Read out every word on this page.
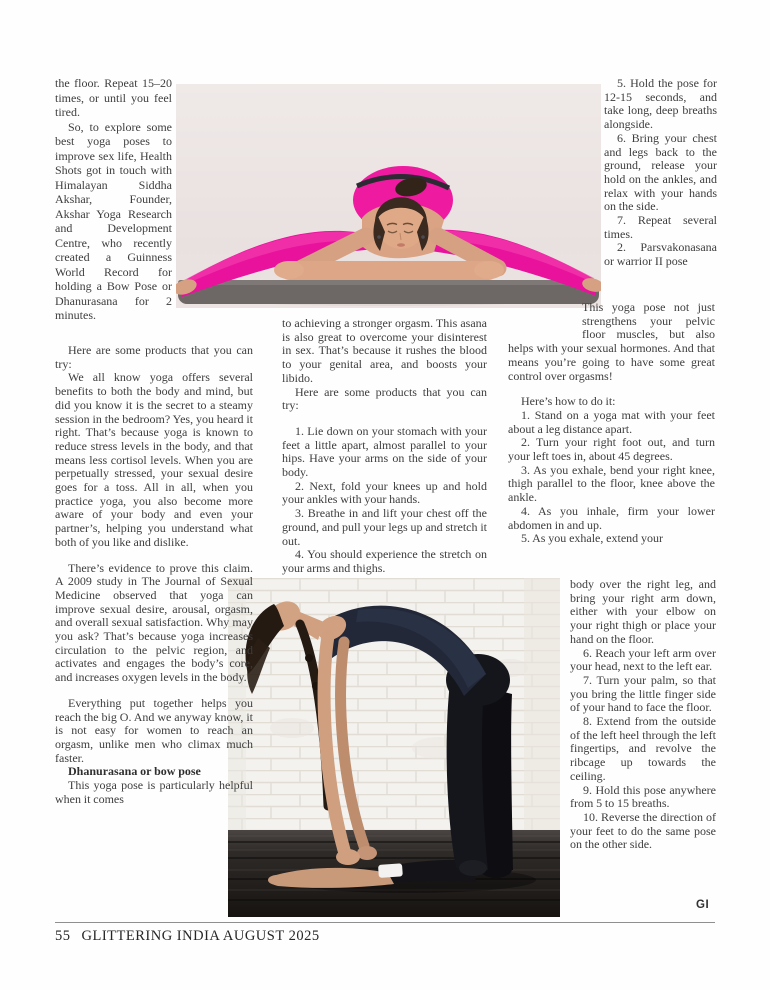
the floor. Repeat 15–20 times, or until you feel tired.

So, to explore some best yoga poses to improve sex life, Health Shots got in touch with Himalayan Siddha Akshar, Founder, Akshar Yoga Research and Development Centre, who recently created a Guinness World Record for holding a Bow Pose or Dhanurasana for 2 minutes.

Here are some products that you can try:

We all know yoga offers several benefits to both the body and mind, but did you know it is the secret to a steamy session in the bedroom? Yes, you heard it right. That’s because yoga is known to reduce stress levels in the body, and that means less cortisol levels. When you are perpetually stressed, your sexual desire goes for a toss. All in all, when you practice yoga, you also become more aware of your body and even your partner’s, helping you understand what both of you like and dislike.

There’s evidence to prove this claim. A 2009 study in The Journal of Sexual Medicine observed that yoga can improve sexual desire, arousal, orgasm, and overall sexual satisfaction. Why may you ask? That’s because yoga increases circulation to the pelvic region, and activates and engages the body’s core, and increases oxygen levels in the body.

Everything put together helps you reach the big O. And we anyway know, it is not easy for women to reach an orgasm, unlike men who climax much faster.

Dhanurasana or bow pose

This yoga pose is particularly helpful when it comes

to achieving a stronger orgasm. This asana is also great to overcome your disinterest in sex. That’s because it rushes the blood to your genital area, and boosts your libido.

Here are some products that you can try:

1. Lie down on your stomach with your feet a little apart, almost parallel to your hips. Have your arms on the side of your body.

2. Next, fold your knees up and hold your ankles with your hands.

3. Breathe in and lift your chest off the ground, and pull your legs up and stretch it out.

4. You should experience the stretch on your arms and thighs.

5. Hold the pose for 12-15 seconds, and take long, deep breaths alongside.

6. Bring your chest and legs back to the ground, release your hold on the ankles, and relax with your hands on the side.

7. Repeat several times.

2. Parsvakonasana or warrior II pose

This yoga pose not just strengthens your pelvic floor muscles, but also helps with your sexual hormones. And that means you’re going to have some great control over orgasms!

Here’s how to do it:

1. Stand on a yoga mat with your feet about a leg distance apart.

2. Turn your right foot out, and turn your left toes in, about 45 degrees.

3. As you exhale, bend your right knee, thigh parallel to the floor, knee above the ankle.

4. As you inhale, firm your lower abdomen in and up.

5. As you exhale, extend your

body over the right leg, and bring your right arm down, either with your elbow on your right thigh or place your hand on the floor.

6. Reach your left arm over your head, next to the left ear.

7. Turn your palm, so that you bring the little finger side of your hand to face the floor.

8. Extend from the outside of the left heel through the left fingertips, and revolve the ribcage up towards the ceiling.

9. Hold this pose anywhere from 5 to 15 breaths.

10. Reverse the direction of your feet to do the same pose on the other side.

GI
55 GLITTERING INDIA AUGUST 2025
